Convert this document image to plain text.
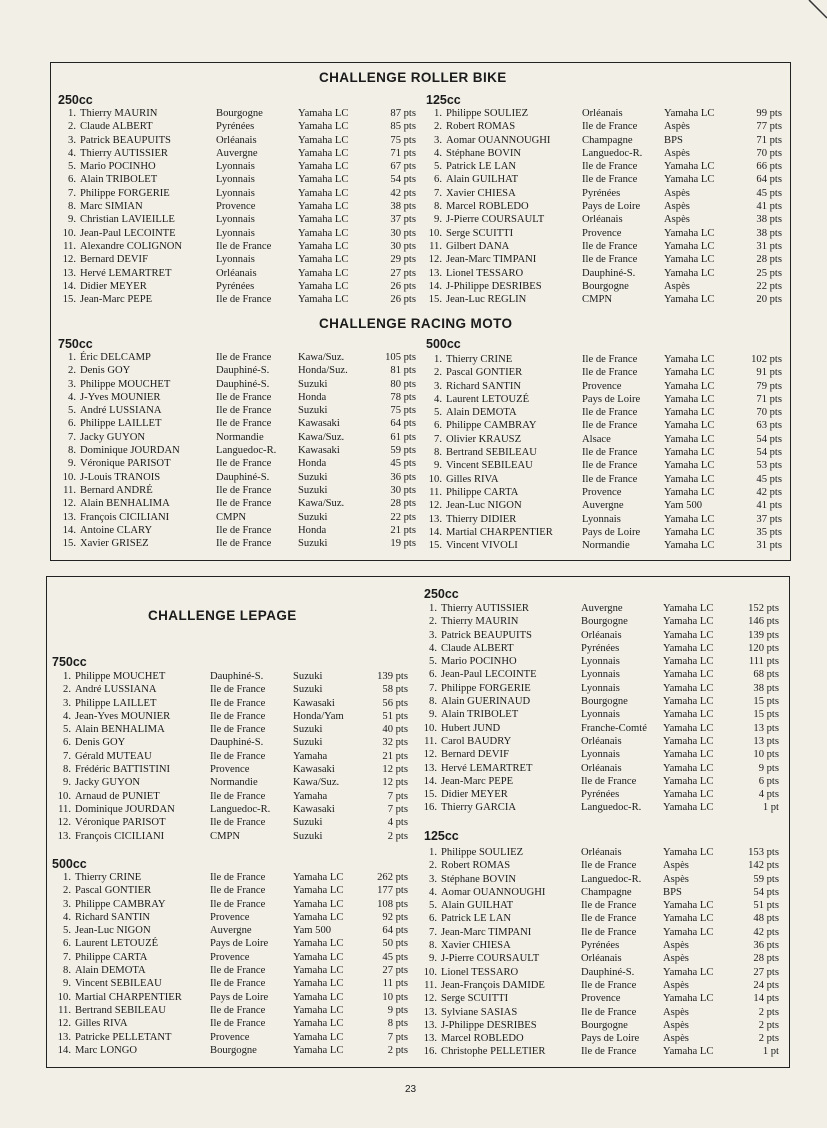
CHALLENGE ROLLER BIKE
250cc	125cc
1. Thierry MAURIN	Bourgogne	Yamaha LC	87 pts
2. Claude ALBERT	Pyrénées	Yamaha LC	85 pts
3. Patrick BEAUPUITS	Orléanais	Yamaha LC	75 pts
4. Thierry AUTISSIER	Auvergne	Yamaha LC	71 pts
5. Mario POCINHO	Lyonnais	Yamaha LC	67 pts
6. Alain TRIBOLET	Lyonnais	Yamaha LC	54 pts
7. Philippe FORGERIE	Lyonnais	Yamaha LC	42 pts
8. Marc SIMIAN	Provence	Yamaha LC	38 pts
9. Christian LAVIEILLE	Lyonnais	Yamaha LC	37 pts
10. Jean-Paul LECOINTE	Lyonnais	Yamaha LC	30 pts
11. Alexandre COLIGNON	Ile de France	Yamaha LC	30 pts
12. Bernard DEVIF	Lyonnais	Yamaha LC	29 pts
13. Hervé LEMARTRET	Orléanais	Yamaha LC	27 pts
14. Didier MEYER	Pyrénées	Yamaha LC	26 pts
15. Jean-Marc PEPE	Ile de France	Yamaha LC	26 pts
1. Philippe SOULIEZ	Orléanais	Yamaha LC	99 pts
2. Robert ROMAS	Ile de France	Aspès	77 pts
3. Aomar OUANNOUGHI	Champagne	BPS	71 pts
4. Stéphane BOVIN	Languedoc-R.	Aspès	70 pts
5. Patrick LE LAN	Ile de France	Yamaha LC	66 pts
6. Alain GUILHAT	Ile de France	Yamaha LC	64 pts
7. Xavier CHIESA	Pyrénées	Aspès	45 pts
8. Marcel ROBLEDO	Pays de Loire	Aspès	41 pts
9. J-Pierre COURSAULT	Orléanais	Aspès	38 pts
10. Serge SCUITTI	Provence	Yamaha LC	38 pts
11. Gilbert DANA	Ile de France	Yamaha LC	31 pts
12. Jean-Marc TIMPANI	Ile de France	Yamaha LC	28 pts
13. Lionel TESSARO	Dauphiné-S.	Yamaha LC	25 pts
14. J-Philippe DESRIBES	Bourgogne	Aspès	22 pts
15. Jean-Luc REGLIN	CMPN	Yamaha LC	20 pts
CHALLENGE RACING MOTO
750cc	500cc
1. Éric DELCAMP	Ile de France	Kawa/Suz.	105 pts
2. Denis GOY	Dauphiné-S.	Honda/Suz.	81 pts
3. Philippe MOUCHET	Dauphiné-S.	Suzuki	80 pts
4. J-Yves MOUNIER	Ile de France	Honda	78 pts
5. André LUSSIANA	Ile de France	Suzuki	75 pts
6. Philippe LAILLET	Ile de France	Kawasaki	64 pts
7. Jacky GUYON	Normandie	Kawa/Suz.	61 pts
8. Dominique JOURDAN	Languedoc-R.	Kawasaki	59 pts
9. Véronique PARISOT	Ile de France	Honda	45 pts
10. J-Louis TRANOIS	Dauphiné-S.	Suzuki	36 pts
11. Bernard ANDRÉ	Ile de France	Suzuki	30 pts
12. Alain BENHALIMA	Ile de France	Kawa/Suz.	28 pts
13. François CICILIANI	CMPN	Suzuki	22 pts
14. Antoine CLARY	Ile de France	Honda	21 pts
15. Xavier GRISEZ	Ile de France	Suzuki	19 pts
1. Thierry CRINE	Ile de France	Yamaha LC	102 pts
2. Pascal GONTIER	Ile de France	Yamaha LC	91 pts
3. Richard SANTIN	Provence	Yamaha LC	79 pts
4. Laurent LETOUZÉ	Pays de Loire	Yamaha LC	71 pts
5. Alain DEMOTA	Ile de France	Yamaha LC	70 pts
6. Philippe CAMBRAY	Ile de France	Yamaha LC	63 pts
7. Olivier KRAUSZ	Alsace	Yamaha LC	54 pts
8. Bertrand SEBILEAU	Ile de France	Yamaha LC	54 pts
9. Vincent SEBILEAU	Ile de France	Yamaha LC	53 pts
10. Gilles RIVA	Ile de France	Yamaha LC	45 pts
11. Philippe CARTA	Provence	Yamaha LC	42 pts
12. Jean-Luc NIGON	Auvergne	Yam 500	41 pts
13. Thierry DIDIER	Lyonnais	Yamaha LC	37 pts
14. Martial CHARPENTIER	Pays de Loire	Yamaha LC	35 pts
15. Vincent VIVOLI	Normandie	Yamaha LC	31 pts
CHALLENGE LEPAGE
750cc
1. Philippe MOUCHET	Dauphiné-S.	Suzuki	139 pts
2. André LUSSIANA	Ile de France	Suzuki	58 pts
3. Philippe LAILLET	Ile de France	Kawasaki	56 pts
4. Jean-Yves MOUNIER	Ile de France	Honda/Yam	51 pts
5. Alain BENHALIMA	Ile de France	Suzuki	40 pts
6. Denis GOY	Dauphiné-S.	Suzuki	32 pts
7. Gérald MUTEAU	Ile de France	Yamaha	21 pts
8. Frédéric BATTISTINI	Provence	Kawasaki	12 pts
9. Jacky GUYON	Normandie	Kawa/Suz.	12 pts
10. Arnaud de PUNIET	Ile de France	Yamaha	7 pts
11. Dominique JOURDAN	Languedoc-R.	Kawasaki	7 pts
12. Véronique PARISOT	Ile de France	Suzuki	4 pts
13. François CICILIANI	CMPN	Suzuki	2 pts
500cc
1. Thierry CRINE	Ile de France	Yamaha LC	262 pts
2. Pascal GONTIER	Ile de France	Yamaha LC	177 pts
3. Philippe CAMBRAY	Ile de France	Yamaha LC	108 pts
4. Richard SANTIN	Provence	Yamaha LC	92 pts
5. Jean-Luc NIGON	Auvergne	Yam 500	64 pts
6. Laurent LETOUZÉ	Pays de Loire	Yamaha LC	50 pts
7. Philippe CARTA	Provence	Yamaha LC	45 pts
8. Alain DEMOTA	Ile de France	Yamaha LC	27 pts
9. Vincent SEBILEAU	Ile de France	Yamaha LC	11 pts
10. Martial CHARPENTIER	Pays de Loire	Yamaha LC	10 pts
11. Bertrand SEBILEAU	Ile de France	Yamaha LC	9 pts
12. Gilles RIVA	Ile de France	Yamaha LC	8 pts
13. Patricke PELLETANT	Provence	Yamaha LC	7 pts
14. Marc LONGO	Bourgogne	Yamaha LC	2 pts
250cc
1. Thierry AUTISSIER	Auvergne	Yamaha LC	152 pts
2. Thierry MAURIN	Bourgogne	Yamaha LC	146 pts
3. Patrick BEAUPUITS	Orléanais	Yamaha LC	139 pts
4. Claude ALBERT	Pyrénées	Yamaha LC	120 pts
5. Mario POCINHO	Lyonnais	Yamaha LC	111 pts
6. Jean-Paul LECOINTE	Lyonnais	Yamaha LC	68 pts
7. Philippe FORGERIE	Lyonnais	Yamaha LC	38 pts
8. Alain GUERINAUD	Bourgogne	Yamaha LC	15 pts
9. Alain TRIBOLET	Lyonnais	Yamaha LC	15 pts
10. Hubert JUND	Franche-Comté	Yamaha LC	13 pts
11. Carol BAUDRY	Orléanais	Yamaha LC	13 pts
12. Bernard DEVIF	Lyonnais	Yamaha LC	10 pts
13. Hervé LEMARTRET	Orléanais	Yamaha LC	9 pts
14. Jean-Marc PEPE	Ile de France	Yamaha LC	6 pts
15. Didier MEYER	Pyrénées	Yamaha LC	4 pts
16. Thierry GARCIA	Languedoc-R.	Yamaha LC	1 pt
125cc
1. Philippe SOULIEZ	Orléanais	Yamaha LC	153 pts
2. Robert ROMAS	Ile de France	Aspès	142 pts
3. Stéphane BOVIN	Languedoc-R.	Aspès	59 pts
4. Aomar OUANNOUGHI	Champagne	BPS	54 pts
5. Alain GUILHAT	Ile de France	Yamaha LC	51 pts
6. Patrick LE LAN	Ile de France	Yamaha LC	48 pts
7. Jean-Marc TIMPANI	Ile de France	Yamaha LC	42 pts
8. Xavier CHIESA	Pyrénées	Aspès	36 pts
9. J-Pierre COURSAULT	Orléanais	Aspès	28 pts
10. Lionel TESSARO	Dauphiné-S.	Yamaha LC	27 pts
11. Jean-François DAMIDE	Ile de France	Aspès	24 pts
12. Serge SCUITTI	Provence	Yamaha LC	14 pts
13. Sylviane SASIAS	Ile de France	Aspès	2 pts
13. J-Philippe DESRIBES	Bourgogne	Aspès	2 pts
13. Marcel ROBLEDO	Pays de Loire	Aspès	2 pts
16. Christophe PELLETIER	Ile de France	Yamaha LC	1 pt
23
